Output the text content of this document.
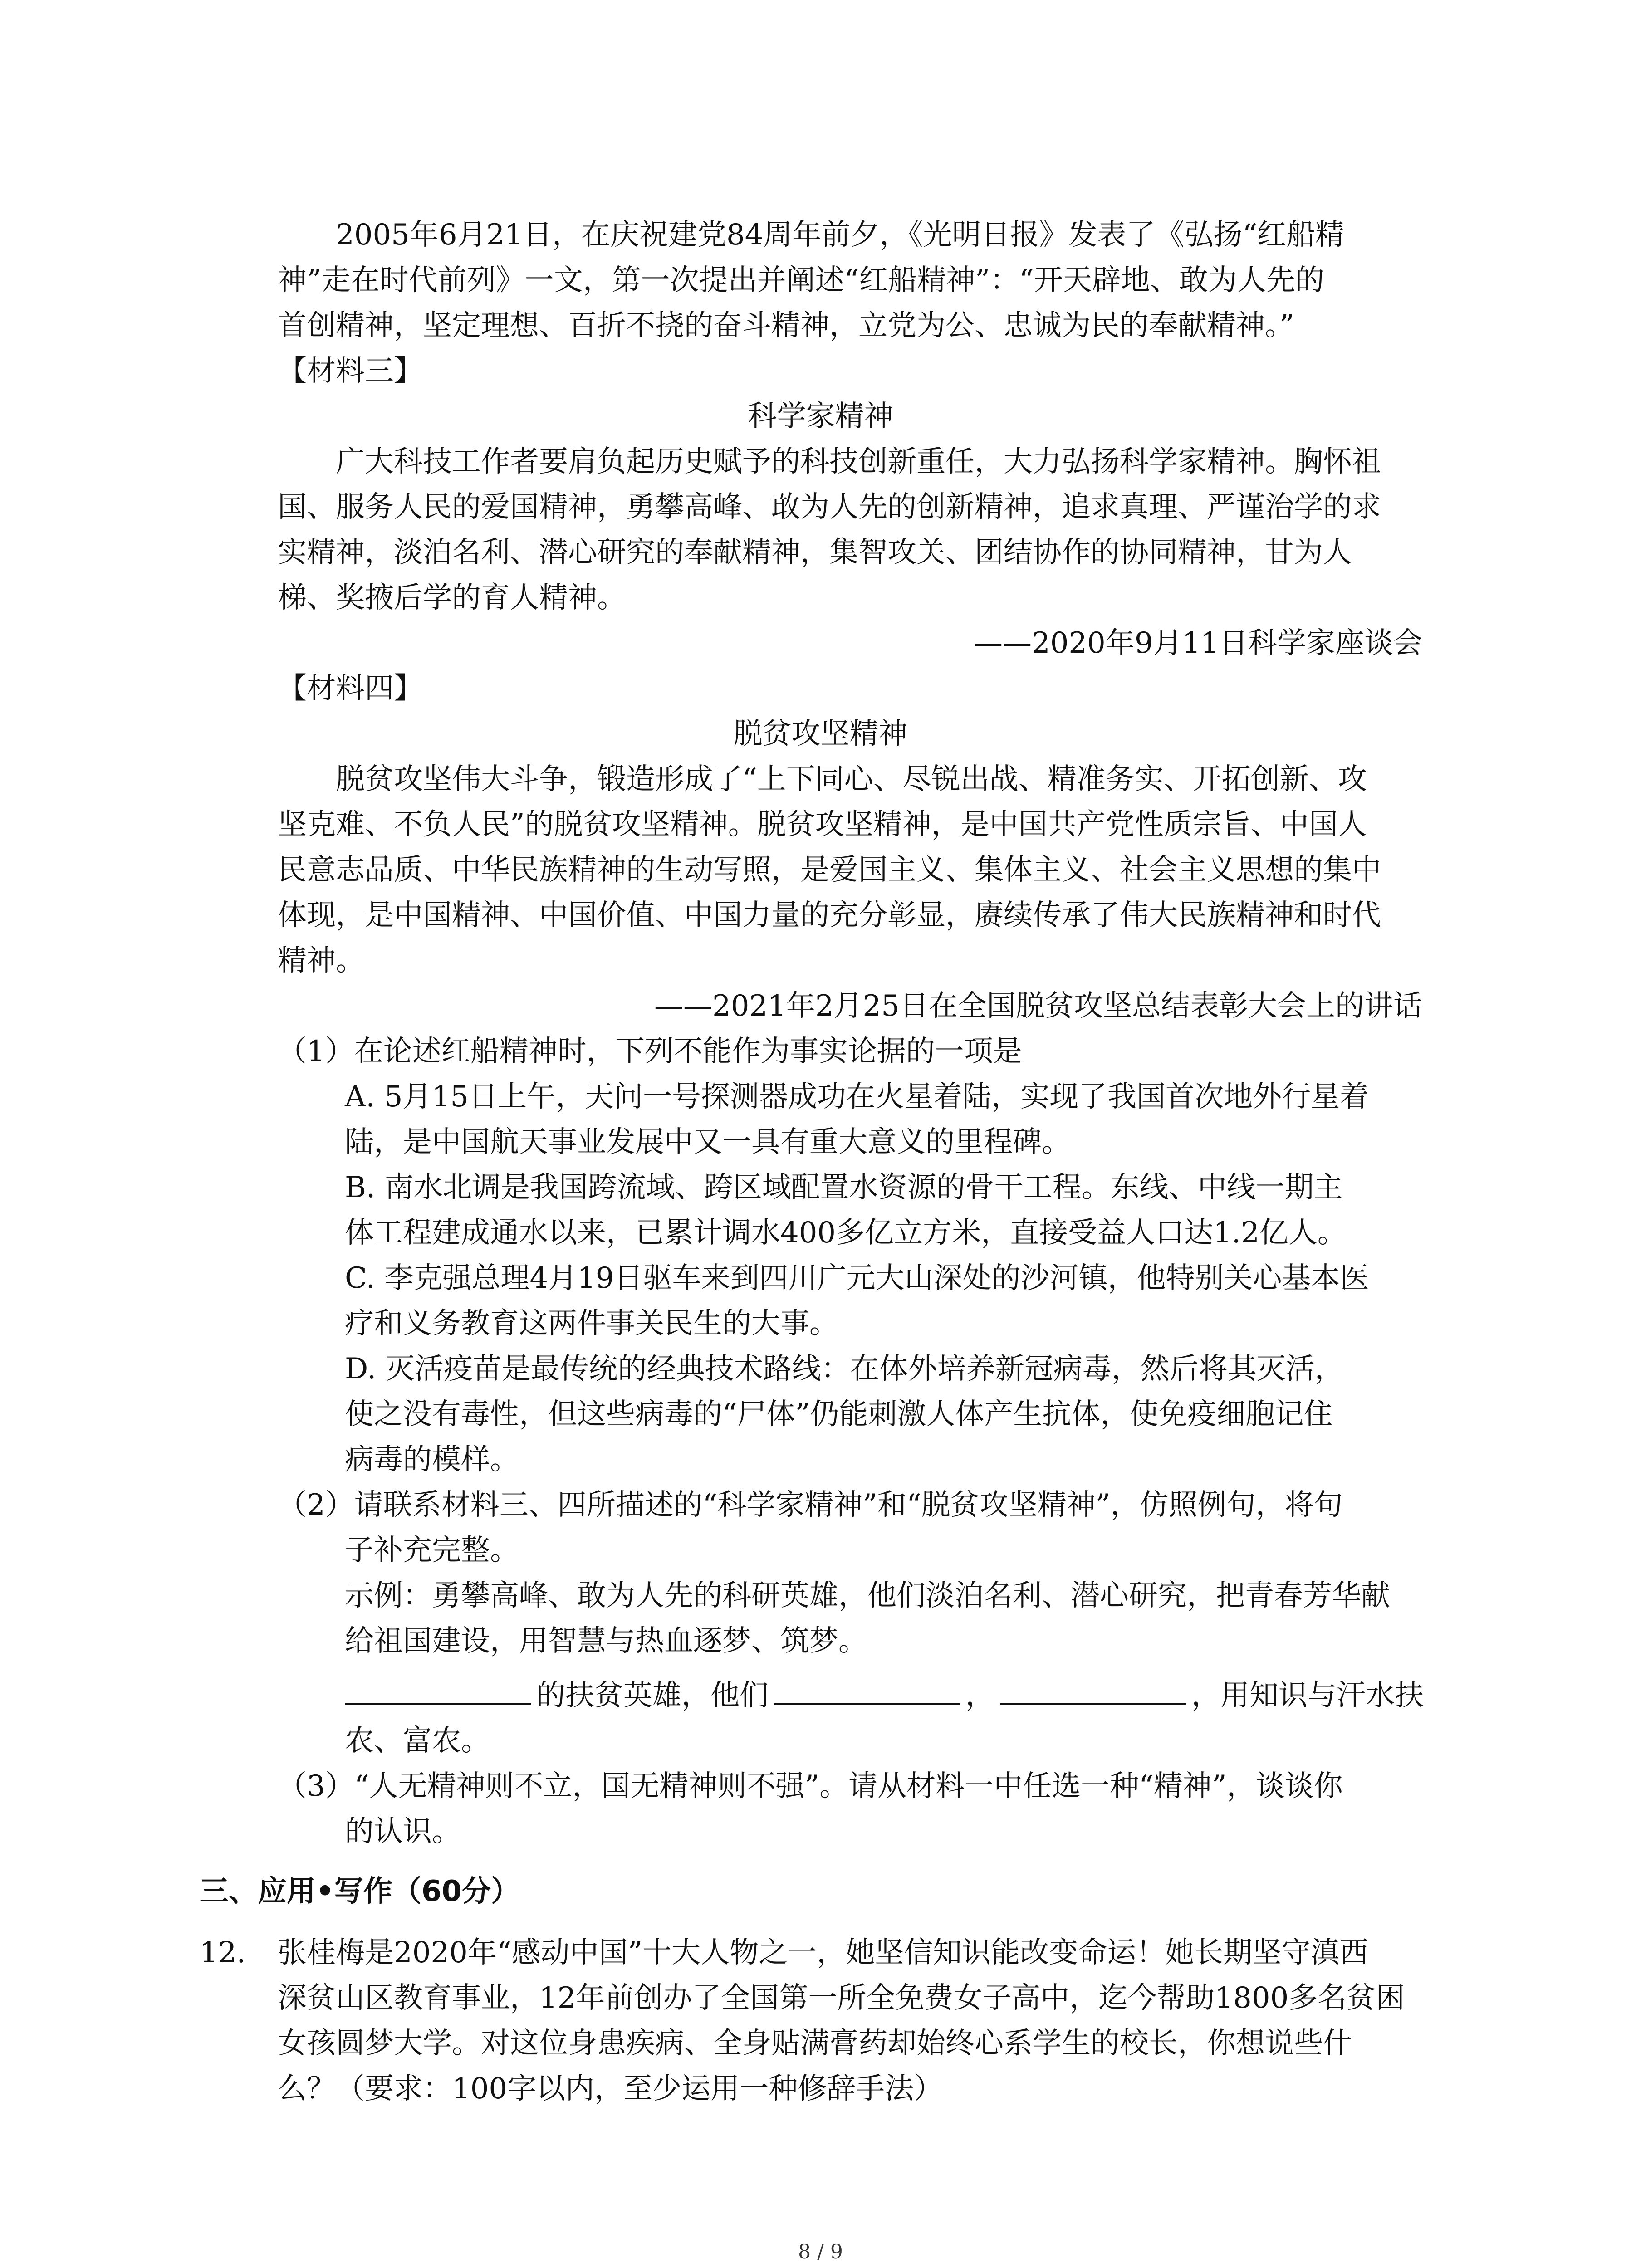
2005年6月21日，在庆祝建党84周年前夕，《光明日报》发表了《弘扬“红船精

神”走在时代前列》一文，第一次提出并阐述“红船精神”：“开天辟地、敢为人先的

首创精神，坚定理想、百折不挠的奋斗精神，立党为公、忠诚为民的奉献精神。”

【材料三】

科学家精神

广大科技工作者要肩负起历史赋予的科技创新重任，大力弘扬科学家精神。胸怀祖

国、服务人民的爱国精神，勇攀高峰、敢为人先的创新精神，追求真理、严谨治学的求

实精神，淡泊名利、潜心研究的奉献精神，集智攻关、团结协作的协同精神，甘为人

梯、奖掖后学的育人精神。

——2020年9月11日科学家座谈会

【材料四】

脱贫攻坚精神

脱贫攻坚伟大斗争，锻造形成了“上下同心、尽锐出战、精准务实、开拓创新、攻

坚克难、不负人民”的脱贫攻坚精神。脱贫攻坚精神，是中国共产党性质宗旨、中国人

民意志品质、中华民族精神的生动写照，是爱国主义、集体主义、社会主义思想的集中

体现，是中国精神、中国价值、中国力量的充分彰显，赓续传承了伟大民族精神和时代

精神。

——2021年2月25日在全国脱贫攻坚总结表彰大会上的讲话

（1）在论述红船精神时，下列不能作为事实论据的一项是

A. 5月15日上午，天问一号探测器成功在火星着陆，实现了我国首次地外行星着

陆，是中国航天事业发展中又一具有重大意义的里程碑。

B. 南水北调是我国跨流域、跨区域配置水资源的骨干工程。东线、中线一期主

体工程建成通水以来，已累计调水400多亿立方米，直接受益人口达1.2亿人。

C. 李克强总理4月19日驱车来到四川广元大山深处的沙河镇，他特别关心基本医

疗和义务教育这两件事关民生的大事。

D. 灭活疫苗是最传统的经典技术路线：在体外培养新冠病毒，然后将其灭活，

使之没有毒性，但这些病毒的“尸体”仍能刺激人体产生抗体，使免疫细胞记住

病毒的模样。

（2）请联系材料三、四所描述的“科学家精神”和“脱贫攻坚精神”，仿照例句，将句

子补充完整。

示例：勇攀高峰、敢为人先的科研英雄，他们淡泊名利、潜心研究，把青春芳华献

给祖国建设，用智慧与热血逐梦、筑梦。

的扶贫英雄，他们	，	，用知识与汗水扶

农、富农。

（3）“人无精神则不立，国无精神则不强”。请从材料一中任选一种“精神”，谈谈你

的认识。

三、应用•写作（60分）

12. 张桂梅是2020年“感动中国”十大人物之一，她坚信知识能改变命运！她长期坚守滇西

深贫山区教育事业，12年前创办了全国第一所全免费女子高中，迄今帮助1800多名贫困

女孩圆梦大学。对这位身患疾病、全身贴满膏药却始终心系学生的校长，你想说些什

么？（要求：100字以内，至少运用一种修辞手法）

8 / 9
